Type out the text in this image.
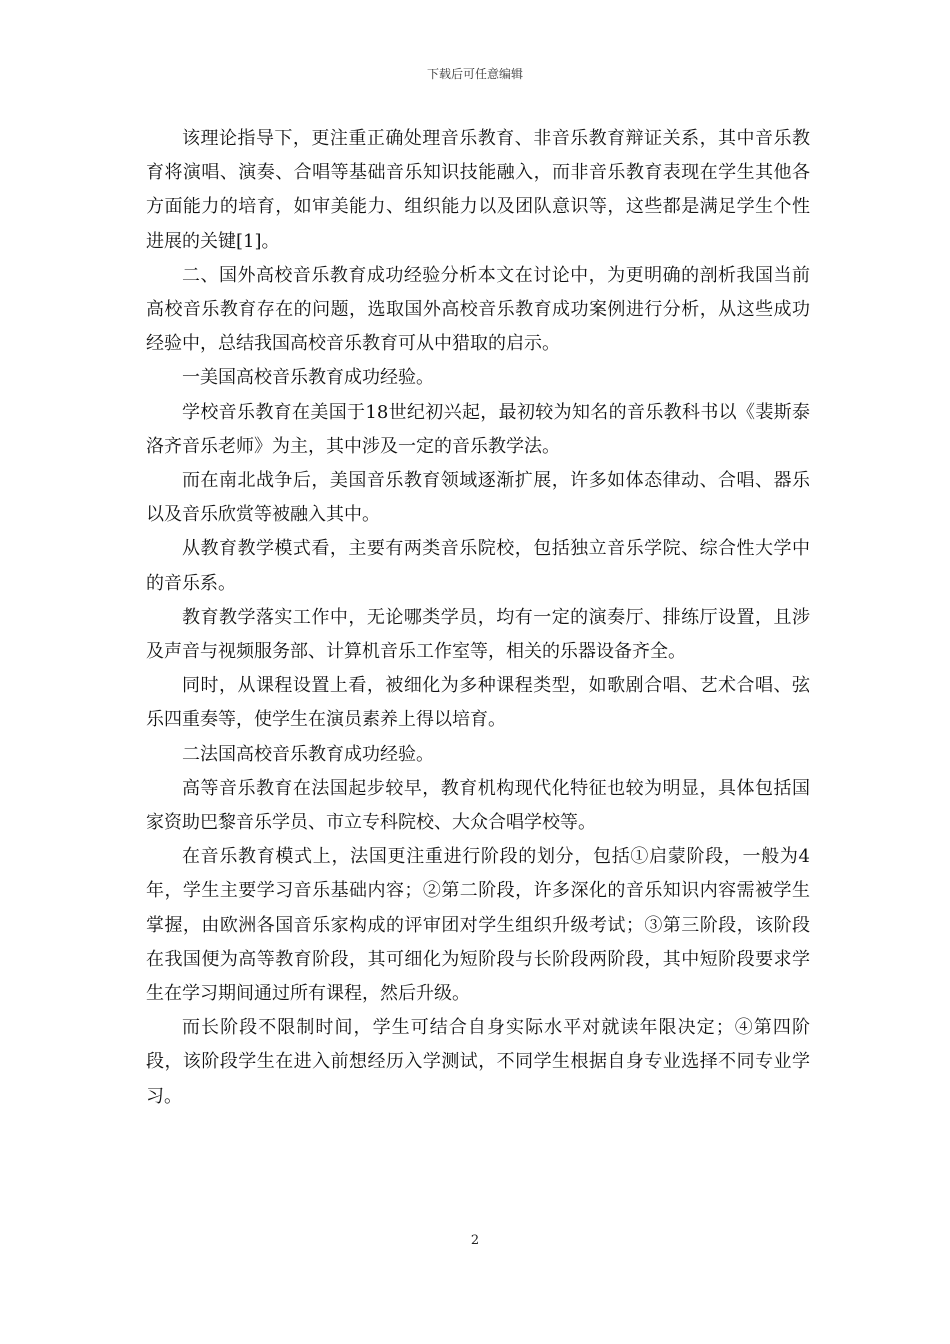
下载后可任意编辑

该理论指导下，更注重正确处理音乐教育、非音乐教育辩证关系，其中音乐教育将演唱、演奏、合唱等基础音乐知识技能融入，而非音乐教育表现在学生其他各方面能力的培育，如审美能力、组织能力以及团队意识等，这些都是满足学生个性进展的关键[1]。

二、国外高校音乐教育成功经验分析本文在讨论中，为更明确的剖析我国当前高校音乐教育存在的问题，选取国外高校音乐教育成功案例进行分析，从这些成功经验中，总结我国高校音乐教育可从中猎取的启示。

一美国高校音乐教育成功经验。

学校音乐教育在美国于18世纪初兴起，最初较为知名的音乐教科书以《裴斯泰洛齐音乐老师》为主，其中涉及一定的音乐教学法。

而在南北战争后，美国音乐教育领域逐渐扩展，许多如体态律动、合唱、器乐以及音乐欣赏等被融入其中。

从教育教学模式看，主要有两类音乐院校，包括独立音乐学院、综合性大学中的音乐系。

教育教学落实工作中，无论哪类学员，均有一定的演奏厅、排练厅设置，且涉及声音与视频服务部、计算机音乐工作室等，相关的乐器设备齐全。

同时，从课程设置上看，被细化为多种课程类型，如歌剧合唱、艺术合唱、弦乐四重奏等，使学生在演员素养上得以培育。

二法国高校音乐教育成功经验。

高等音乐教育在法国起步较早，教育机构现代化特征也较为明显，具体包括国家资助巴黎音乐学员、市立专科院校、大众合唱学校等。

在音乐教育模式上，法国更注重进行阶段的划分，包括①启蒙阶段，一般为4年，学生主要学习音乐基础内容；②第二阶段，许多深化的音乐知识内容需被学生掌握，由欧洲各国音乐家构成的评审团对学生组织升级考试；③第三阶段，该阶段在我国便为高等教育阶段，其可细化为短阶段与长阶段两阶段，其中短阶段要求学生在学习期间通过所有课程，然后升级。

而长阶段不限制时间，学生可结合自身实际水平对就读年限决定；④第四阶段，该阶段学生在进入前想经历入学测试，不同学生根据自身专业选择不同专业学习。

2
